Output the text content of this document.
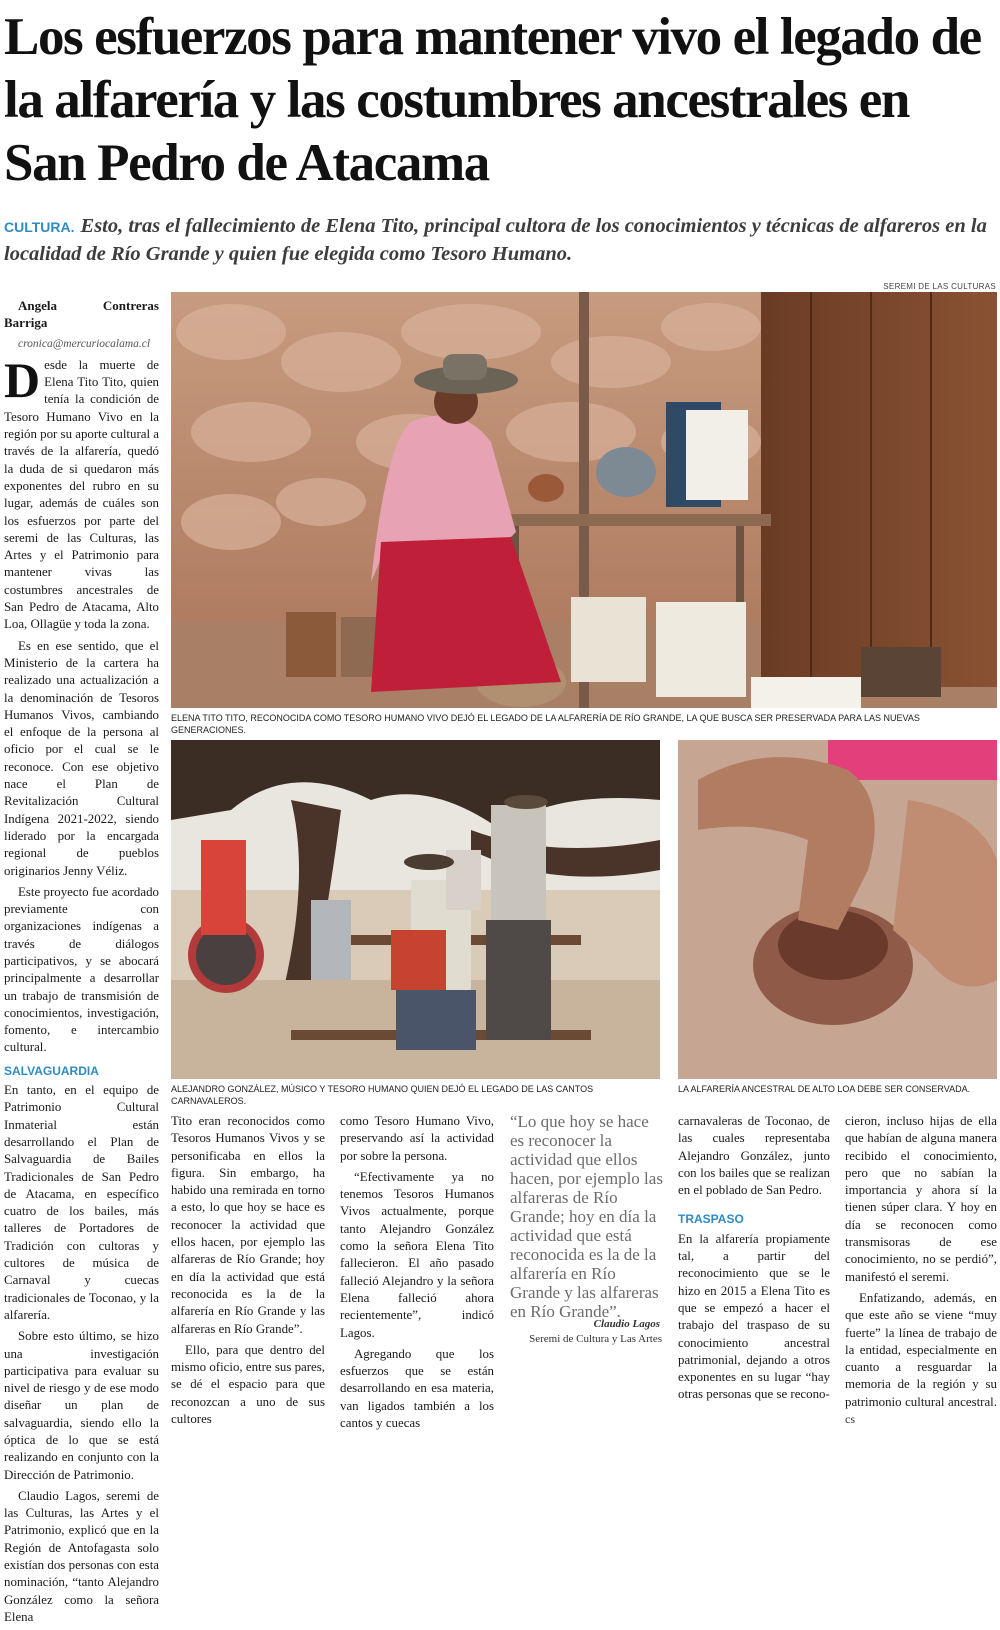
Los esfuerzos para mantener vivo el legado de la alfarería y las costumbres ancestrales en San Pedro de Atacama
CULTURA. Esto, tras el fallecimiento de Elena Tito, principal cultora de los conocimientos y técnicas de alfareros en la localidad de Río Grande y quien fue elegida como Tesoro Humano.

Angela Contreras Barriga

cronica@mercuriocalama.cl

Desde la muerte de Elena Tito Tito, quien tenía la condición de Tesoro Humano Vivo en la región por su aporte cultural a través de la alfarería, quedó la duda de si quedaron más exponentes del rubro en su lugar, además de cuáles son los esfuerzos por parte del seremi de las Culturas, las Artes y el Patrimonio para mantener vivas las costumbres ancestrales de San Pedro de Atacama, Alto Loa, Ollagüe y toda la zona.

Es en ese sentido, que el Ministerio de la cartera ha realizado una actualización a la denominación de Tesoros Humanos Vivos, cambiando el enfoque de la persona al oficio por el cual se le reconoce. Con ese objetivo nace el Plan de Revitalización Cultural Indígena 2021-2022, siendo liderado por la encargada regional de pueblos originarios Jenny Véliz.

Este proyecto fue acordado previamente con organizaciones indígenas a través de diálogos participativos, y se abocará principalmente a desarrollar un trabajo de transmisión de conocimientos, investigación, fomento, e intercambio cultural.

SALVAGUARDIA

En tanto, en el equipo de Patrimonio Cultural Inmaterial están desarrollando el Plan de Salvaguardia de Bailes Tradicionales de San Pedro de Atacama, en específico cuatro de los bailes, más talleres de Portadores de Tradición con cultoras y cultores de música de Carnaval y cuecas tradicionales de Toconao, y la alfarería.

Sobre esto último, se hizo una investigación participativa para evaluar su nivel de riesgo y de ese modo diseñar un plan de salvaguardia, siendo ello la óptica de lo que se está realizando en conjunto con la Dirección de Patrimonio.

Claudio Lagos, seremi de las Culturas, las Artes y el Patrimonio, explicó que en la Región de Antofagasta solo existían dos personas con esta nominación, “tanto Alejandro González como la señora Elena

SEREMI DE LAS CULTURAS
ELENA TITO TITO, RECONOCIDA COMO TESORO HUMANO VIVO DEJÓ EL LEGADO DE LA ALFARERÍA DE RÍO GRANDE, LA QUE BUSCA SER PRESERVADA PARA LAS NUEVAS GENERACIONES.
ALEJANDRO GONZÁLEZ, MÚSICO Y TESORO HUMANO QUIEN DEJÓ EL LEGADO DE LAS CANTOS CARNAVALEROS.
LA ALFARERÍA ANCESTRAL DE ALTO LOA DEBE SER CONSERVADA.

Tito eran reconocidos como Tesoros Humanos Vivos y se personificaba en ellos la figura. Sin embargo, ha habido una remirada en torno a esto, lo que hoy se hace es reconocer la actividad que ellos hacen, por ejemplo las alfareras de Río Grande; hoy en día la actividad que está reconocida es la de la alfarería en Río Grande y las alfareras en Río Grande”.

Ello, para que dentro del mismo oficio, entre sus pares, se dé el espacio para que reconozcan a uno de sus cultores

como Tesoro Humano Vivo, preservando así la actividad por sobre la persona.

“Efectivamente ya no tenemos Tesoros Humanos Vivos actualmente, porque tanto Alejandro González como la señora Elena Tito fallecieron. El año pasado falleció Alejandro y la señora Elena falleció ahora recientemente”, indicó Lagos.

Agregando que los esfuerzos que se están desarrollando en esa materia, van ligados también a los cantos y cuecas

“Lo que hoy se hace es reconocer la actividad que ellos hacen, por ejemplo las alfareras de Río Grande; hoy en día la actividad que está reconocida es la de la alfarería en Río Grande y las alfareras en Río Grande”.
Claudio Lagos
Seremi de Cultura y Las Artes

carnavaleras de Toconao, de las cuales representaba Alejandro González, junto con los bailes que se realizan en el poblado de San Pedro.

TRASPASO

En la alfarería propiamente tal, a partir del reconocimiento que se le hizo en 2015 a Elena Tito es que se empezó a hacer el trabajo del traspaso de su conocimiento ancestral patrimonial, dejando a otros exponentes en su lugar “hay otras personas que se recono-

cieron, incluso hijas de ella que habían de alguna manera recibido el conocimiento, pero que no sabían la importancia y ahora sí la tienen súper clara. Y hoy en día se reconocen como transmisoras de ese conocimiento, no se perdió”, manifestó el seremi.

Enfatizando, además, en que este año se viene “muy fuerte” la línea de trabajo de la entidad, especialmente en cuanto a resguardar la memoria de la región y su patrimonio cultural ancestral. cs
